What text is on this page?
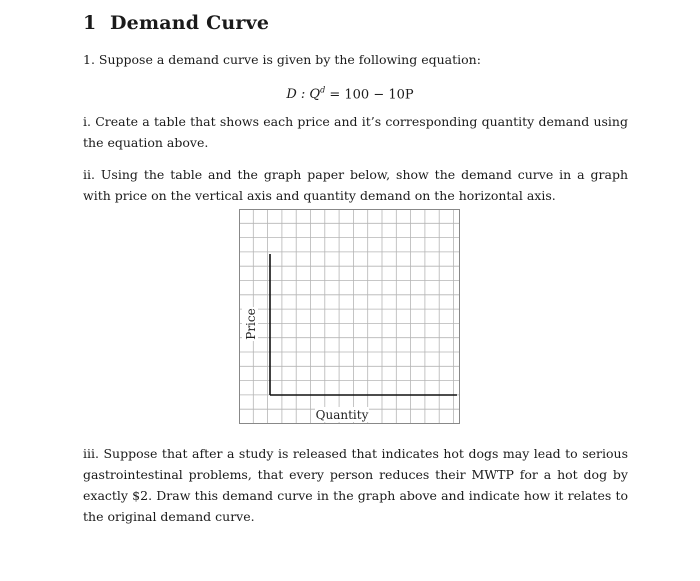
1 Demand Curve
1. Suppose a demand curve is given by the following equation:
D : $Q^d = 100 - 10P$
i. Create a table that shows each price and it’s corresponding quantity demand using the equation above.
ii. Using the table and the graph paper below, show the demand curve in a graph with price on the vertical axis and quantity demand on the horizontal axis.
Price
Quantity
iii. Suppose that after a study is released that indicates hot dogs may lead to serious gastrointestinal problems, that every person reduces their MWTP for a hot dog by exactly $2. Draw this demand curve in the graph above and indicate how it relates to the original demand curve.
